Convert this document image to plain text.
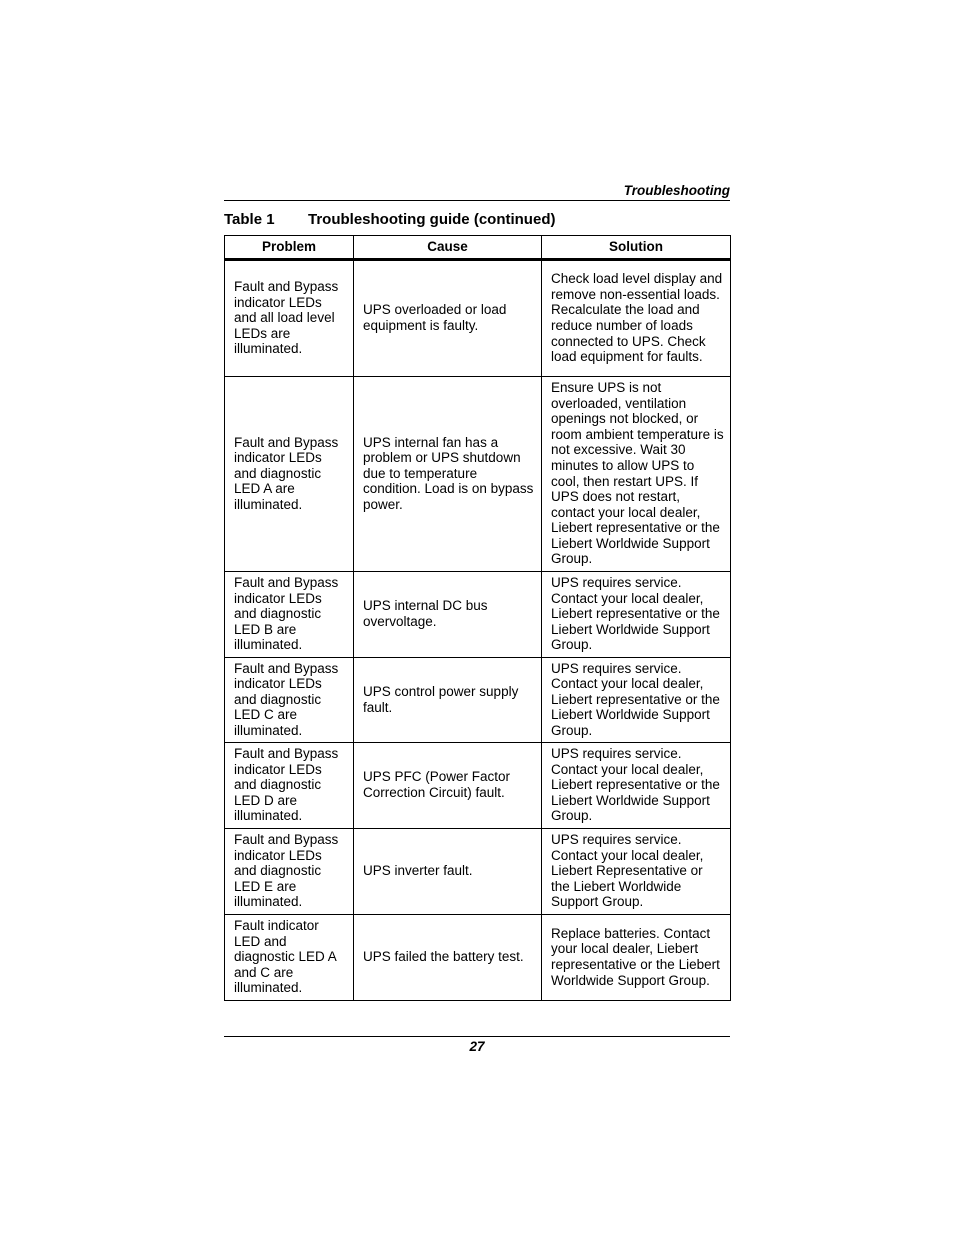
Troubleshooting
Table 1 Troubleshooting guide (continued)
Problem	Cause	Solution
Fault and Bypass indicator LEDs and all load level LEDs are illuminated.	UPS overloaded or load equipment is faulty.	Check load level display and remove non-essential loads. Recalculate the load and reduce number of loads connected to UPS. Check load equipment for faults.
Fault and Bypass indicator LEDs and diagnostic LED A are illuminated.	UPS internal fan has a problem or UPS shutdown due to temperature condition. Load is on bypass power.	Ensure UPS is not overloaded, ventilation openings not blocked, or room ambient temperature is not excessive. Wait 30 minutes to allow UPS to cool, then restart UPS. If UPS does not restart, contact your local dealer, Liebert representative or the Liebert Worldwide Support Group.
Fault and Bypass indicator LEDs and diagnostic LED B are illuminated.	UPS internal DC bus overvoltage.	UPS requires service. Contact your local dealer, Liebert representative or the Liebert Worldwide Support Group.
Fault and Bypass indicator LEDs and diagnostic LED C are illuminated.	UPS control power supply fault.	UPS requires service. Contact your local dealer, Liebert representative or the Liebert Worldwide Support Group.
Fault and Bypass indicator LEDs and diagnostic LED D are illuminated.	UPS PFC (Power Factor Correction Circuit) fault.	UPS requires service. Contact your local dealer, Liebert representative or the Liebert Worldwide Support Group.
Fault and Bypass indicator LEDs and diagnostic LED E are illuminated.	UPS inverter fault.	UPS requires service. Contact your local dealer, Liebert Representative or the Liebert Worldwide Support Group.
Fault indicator LED and diagnostic LED A and C are illuminated.	UPS failed the battery test.	Replace batteries. Contact your local dealer, Liebert representative or the Liebert Worldwide Support Group.
27
